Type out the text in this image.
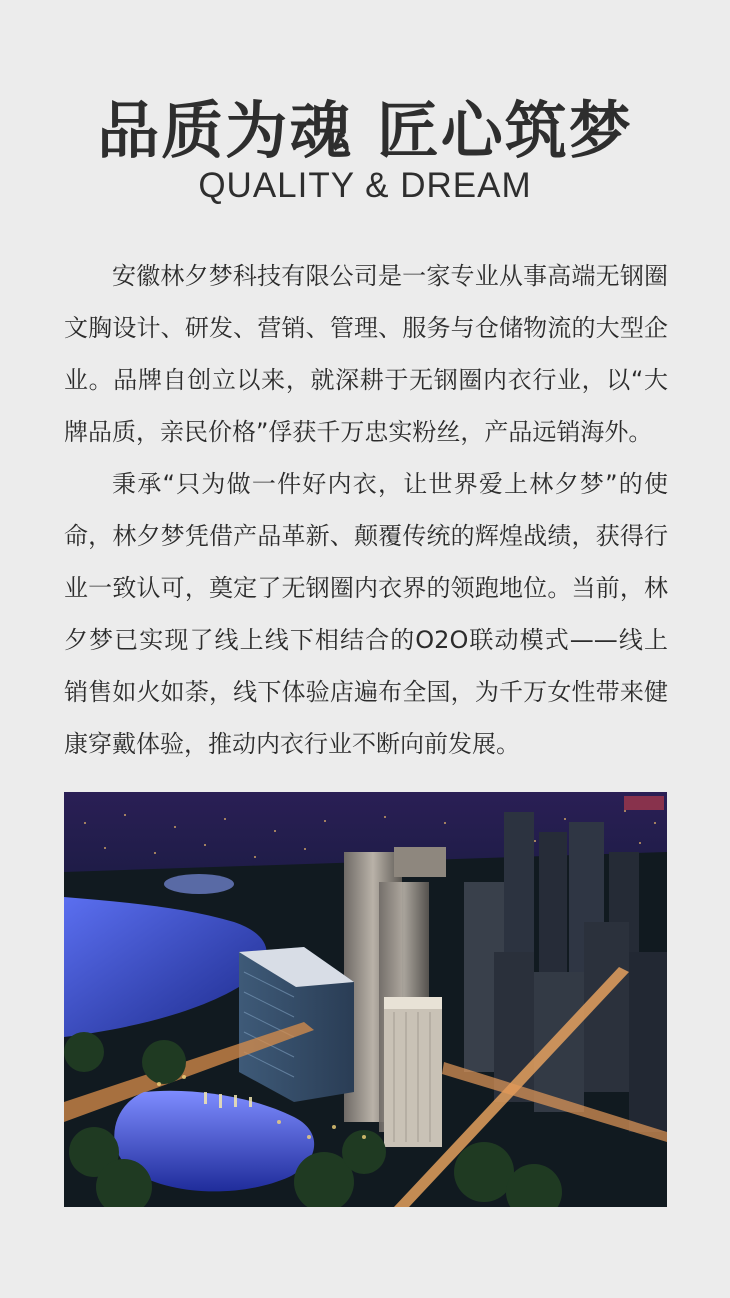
品质为魂 匠心筑梦
QUALITY & DREAM

安徽林夕梦科技有限公司是一家专业从事高端无钢圈文胸设计、研发、营销、管理、服务与仓储物流的大型企业。品牌自创立以来，就深耕于无钢圈内衣行业，以“大牌品质，亲民价格”俘获千万忠实粉丝，产品远销海外。

秉承“只为做一件好内衣，让世界爱上林夕梦”的使命，林夕梦凭借产品革新、颠覆传统的辉煌战绩，获得行业一致认可，奠定了无钢圈内衣界的领跑地位。当前，林夕梦已实现了线上线下相结合的O2O联动模式——线上销售如火如荼，线下体验店遍布全国，为千万女性带来健康穿戴体验，推动内衣行业不断向前发展。
